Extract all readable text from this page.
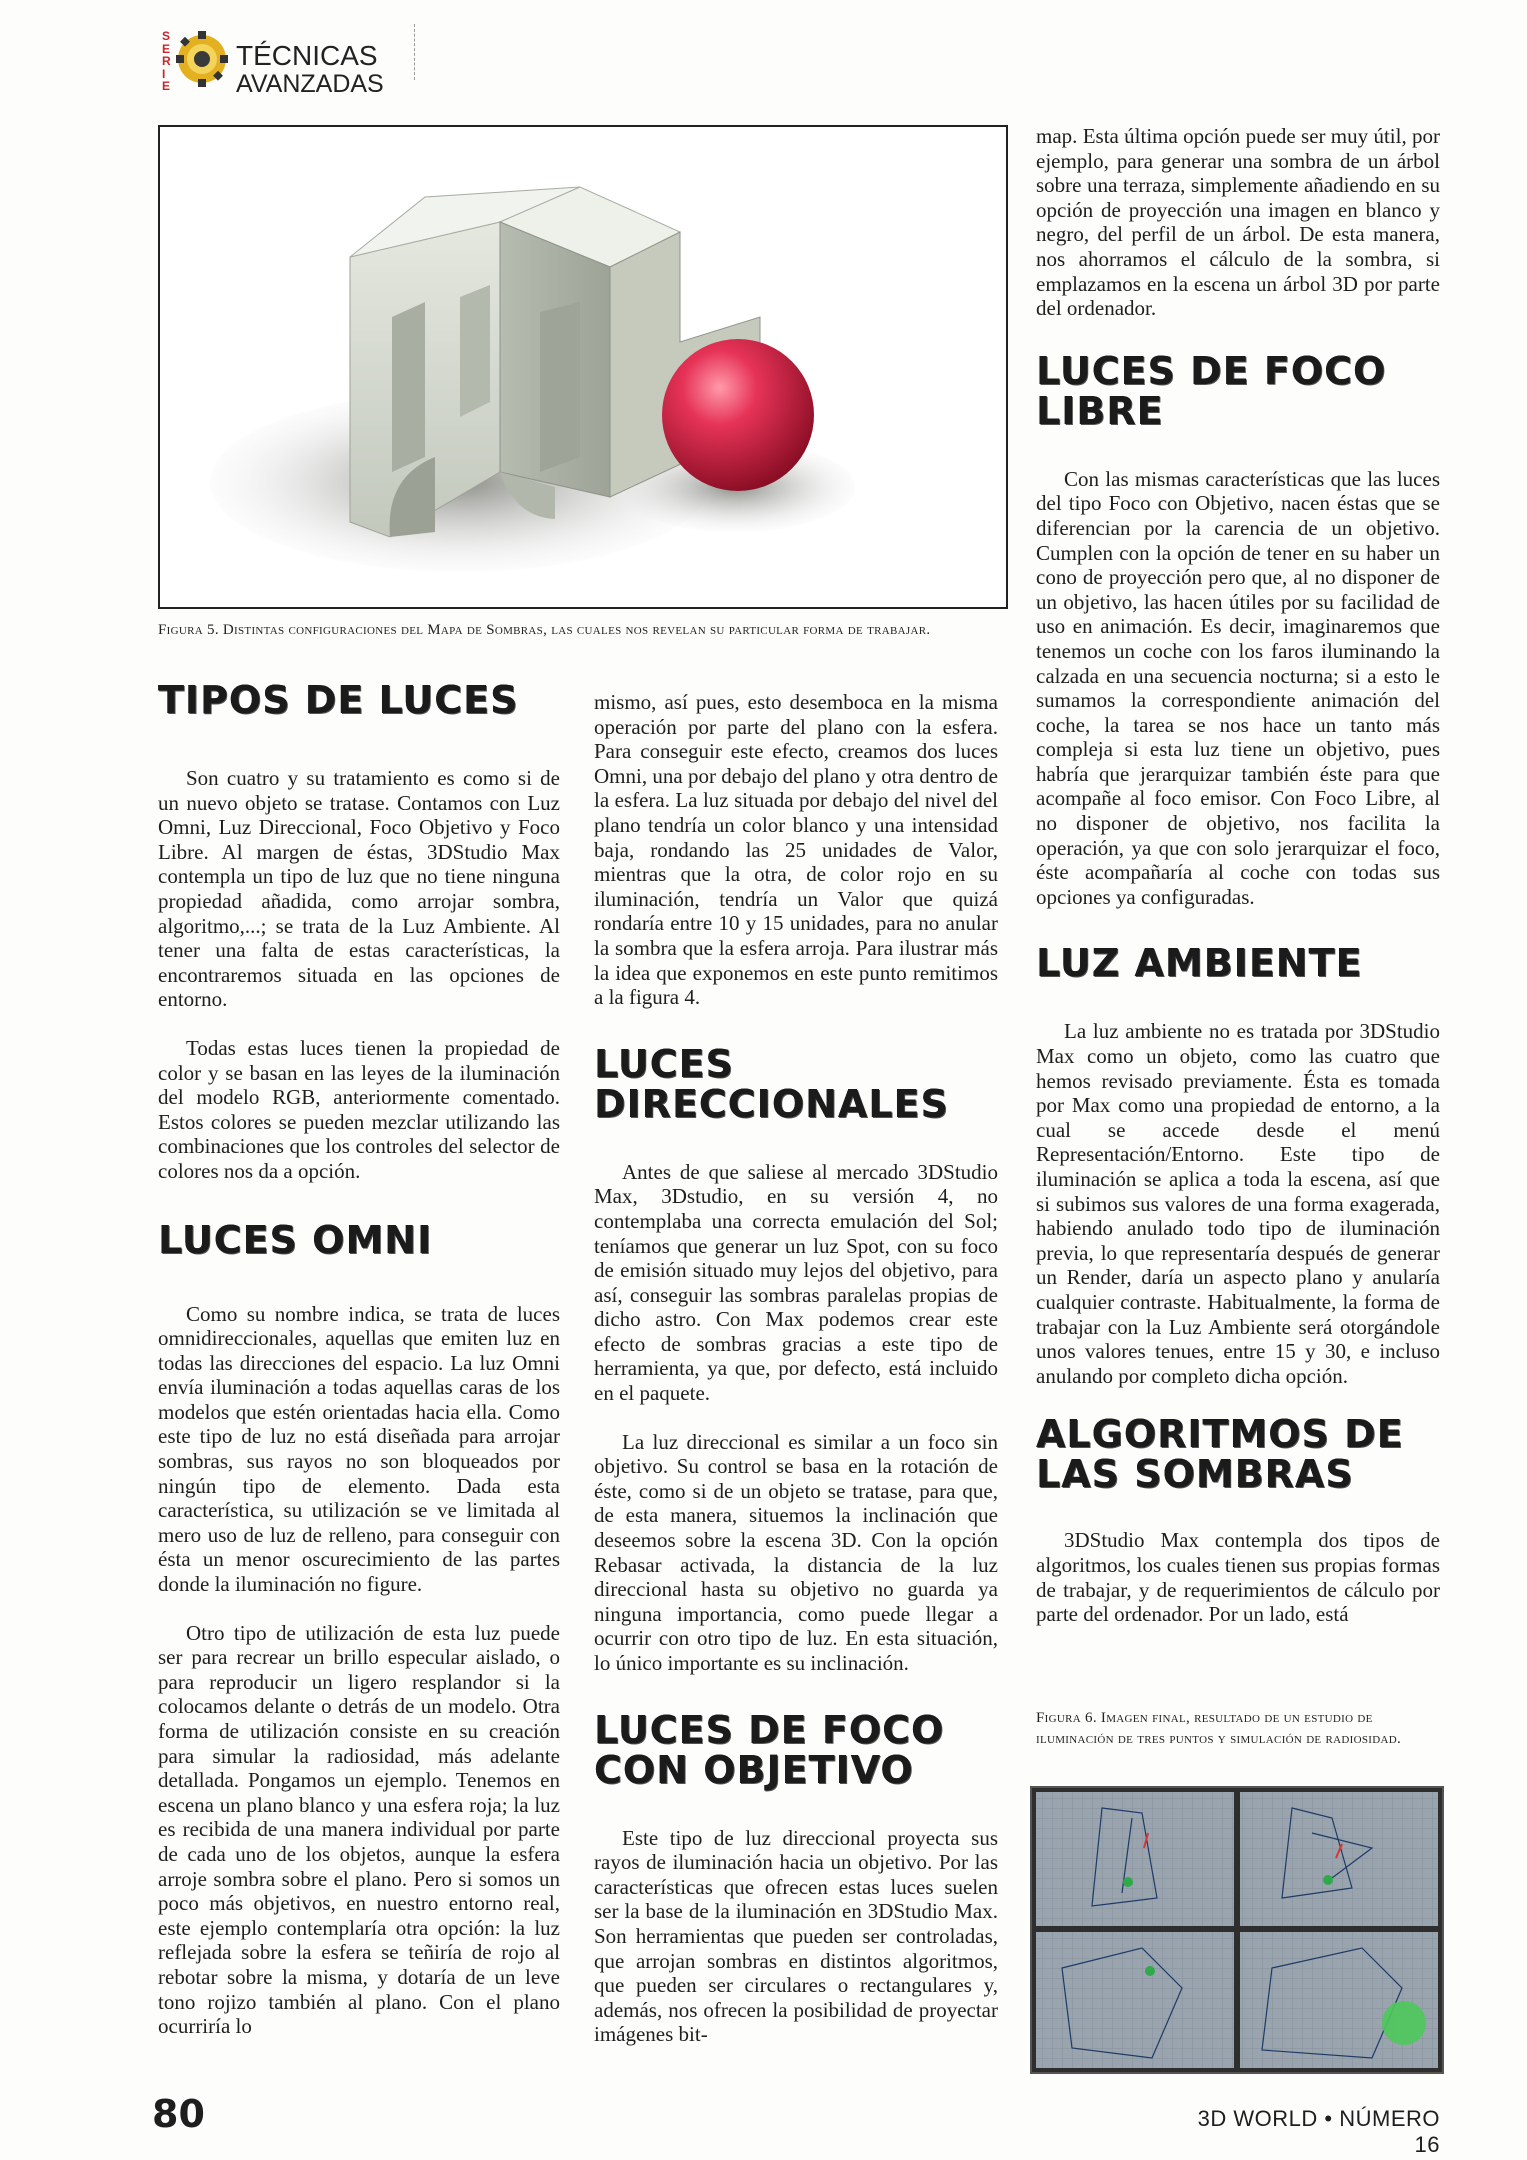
S
E
R
I
E
TÉCNICAS
AVANZADAS
Figura 5. Distintas configuraciones del Mapa de Sombras, las cuales nos revelan su particular forma de trabajar.
TIPOS DE LUCES

Son cuatro y su tratamiento es como si de un nuevo objeto se tratase. Contamos con Luz Omni, Luz Direccional, Foco Objetivo y Foco Libre. Al margen de éstas, 3DStudio Max contempla un tipo de luz que no tiene ninguna propiedad añadida, como arrojar sombra, algoritmo,...; se trata de la Luz Ambiente. Al tener una falta de estas características, la encontraremos situada en las opciones de entorno.

Todas estas luces tienen la propiedad de color y se basan en las leyes de la iluminación del modelo RGB, anteriormente comentado. Estos colores se pueden mezclar utilizando las combinaciones que los controles del selector de colores nos da a opción.

LUCES OMNI

Como su nombre indica, se trata de luces omnidireccionales, aquellas que emiten luz en todas las direcciones del espacio. La luz Omni envía iluminación a todas aquellas caras de los modelos que estén orientadas hacia ella. Como este tipo de luz no está diseñada para arrojar sombras, sus rayos no son bloqueados por ningún tipo de elemento. Dada esta característica, su utilización se ve limitada al mero uso de luz de relleno, para conseguir con ésta un menor oscurecimiento de las partes donde la iluminación no figure.

Otro tipo de utilización de esta luz puede ser para recrear un brillo especular aislado, o para reproducir un ligero resplandor si la colocamos delante o detrás de un modelo. Otra forma de utilización consiste en su creación para simular la radiosidad, más adelante detallada. Pongamos un ejemplo. Tenemos en escena un plano blanco y una esfera roja; la luz es recibida de una manera individual por parte de cada uno de los objetos, aunque la esfera arroje sombra sobre el plano. Pero si somos un poco más objetivos, en nuestro entorno real, este ejemplo contemplaría otra opción: la luz reflejada sobre la esfera se teñiría de rojo al rebotar sobre la misma, y dotaría de un leve tono rojizo también al plano. Con el plano ocurriría lo

mismo, así pues, esto desemboca en la misma operación por parte del plano con la esfera. Para conseguir este efecto, creamos dos luces Omni, una por debajo del plano y otra dentro de la esfera. La luz situada por debajo del nivel del plano tendría un color blanco y una intensidad baja, rondando las 25 unidades de Valor, mientras que la otra, de color rojo en su iluminación, tendría un Valor que quizá rondaría entre 10 y 15 unidades, para no anular la sombra que la esfera arroja. Para ilustrar más la idea que exponemos en este punto remitimos a la figura 4.

LUCES DIRECCIONALES

Antes de que saliese al mercado 3DStudio Max, 3Dstudio, en su versión 4, no contemplaba una correcta emulación del Sol; teníamos que generar un luz Spot, con su foco de emisión situado muy lejos del objetivo, para así, conseguir las sombras paralelas propias de dicho astro. Con Max podemos crear este efecto de sombras gracias a este tipo de herramienta, ya que, por defecto, está incluido en el paquete.

La luz direccional es similar a un foco sin objetivo. Su control se basa en la rotación de éste, como si de un objeto se tratase, para que, de esta manera, situemos la inclinación que deseemos sobre la escena 3D. Con la opción Rebasar activada, la distancia de la luz direccional hasta su objetivo no guarda ya ninguna importancia, como puede llegar a ocurrir con otro tipo de luz. En esta situación, lo único importante es su inclinación.

LUCES DE FOCO CON OBJETIVO

Este tipo de luz direccional proyecta sus rayos de iluminación hacia un objetivo. Por las características que ofrecen estas luces suelen ser la base de la iluminación en 3DStudio Max. Son herramientas que pueden ser controladas, que arrojan sombras en distintos algoritmos, que pueden ser circulares o rectangulares y, además, nos ofrecen la posibilidad de proyectar imágenes bit-

map. Esta última opción puede ser muy útil, por ejemplo, para generar una sombra de un árbol sobre una terraza, simplemente añadiendo en su opción de proyección una imagen en blanco y negro, del perfil de un árbol. De esta manera, nos ahorramos el cálculo de la sombra, si emplazamos en la escena un árbol 3D por parte del ordenador.

LUCES DE FOCO LIBRE

Con las mismas características que las luces del tipo Foco con Objetivo, nacen éstas que se diferencian por la carencia de un objetivo. Cumplen con la opción de tener en su haber un cono de proyección pero que, al no disponer de un objetivo, las hacen útiles por su facilidad de uso en animación. Es decir, imaginaremos que tenemos un coche con los faros iluminando la calzada en una secuencia nocturna; si a esto le sumamos la correspondiente animación del coche, la tarea se nos hace un tanto más compleja si esta luz tiene un objetivo, pues habría que jerarquizar también éste para que acompañe al foco emisor. Con Foco Libre, al no disponer de objetivo, nos facilita la operación, ya que con solo jerarquizar el foco, éste acompañaría al coche con todas sus opciones ya configuradas.

LUZ AMBIENTE

La luz ambiente no es tratada por 3DStudio Max como un objeto, como las cuatro que hemos revisado previamente. Ésta es tomada por Max como una propiedad de entorno, a la cual se accede desde el menú Representación/Entorno. Este tipo de iluminación se aplica a toda la escena, así que si subimos sus valores de una forma exagerada, habiendo anulado todo tipo de iluminación previa, lo que representaría después de generar un Render, daría un aspecto plano y anularía cualquier contraste. Habitualmente, la forma de trabajar con la Luz Ambiente será otorgándole unos valores tenues, entre 15 y 30, e incluso anulando por completo dicha opción.

ALGORITMOS DE LAS SOMBRAS

3DStudio Max contempla dos tipos de algoritmos, los cuales tienen sus propias formas de trabajar, y de requerimientos de cálculo por parte del ordenador. Por un lado, está

Figura 6. Imagen final, resultado de un estudio de iluminación de tres puntos y simulación de radiosidad.
80	3D WORLD • NÚMERO 16
